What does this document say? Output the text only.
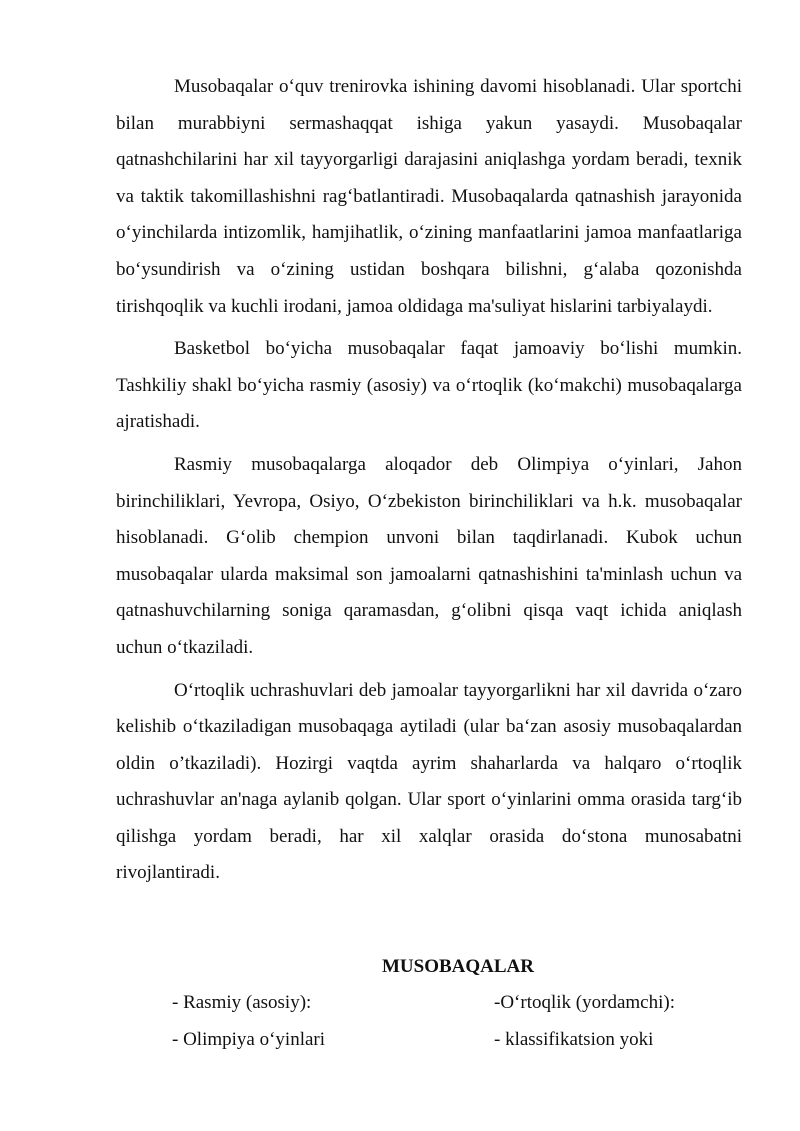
Musobaqalar o‘quv trenirovka ishining davomi hisoblanadi. Ular sportchi bilan murabbiyni sermashaqqat ishiga yakun yasaydi. Musobaqalar qatnashchilarini har xil tayyorgarligi darajasini aniqlashga yordam beradi, texnik va taktik takomillashishni rag‘batlantiradi. Musobaqalarda qatnashish jarayonida o‘yinchilarda intizomlik, hamjihatlik, o‘zining manfaatlarini jamoa manfaatlariga bo‘ysundirish va o‘zining ustidan boshqara bilishni, g‘alaba qozonishda tirishqoqlik va kuchli irodani, jamoa oldidaga ma'suliyat hislarini tarbiyalaydi.

Basketbol bo‘yicha musobaqalar faqat jamoaviy bo‘lishi mumkin. Tashkiliy shakl bo‘yicha rasmiy (asosiy) va o‘rtoqlik (ko‘makchi) musobaqalarga ajratishadi.

Rasmiy musobaqalarga aloqador deb Olimpiya o‘yinlari, Jahon birinchiliklari, Yevropa, Osiyo, O‘zbekiston birinchiliklari va h.k. musobaqalar hisoblanadi. G‘olib chempion unvoni bilan taqdirlanadi. Kubok uchun musobaqalar ularda maksimal son jamoalarni qatnashishini ta'minlash uchun va qatnashuvchilarning soniga qaramasdan, g‘olibni qisqa vaqt ichida aniqlash uchun o‘tkaziladi.

O‘rtoqlik uchrashuvlari deb jamoalar tayyorgarlikni har xil davrida o‘zaro kelishib o‘tkaziladigan musobaqaga aytiladi (ular ba‘zan asosiy musobaqalardan oldin o’tkaziladi). Hozirgi vaqtda ayrim shaharlarda va halqaro o‘rtoqlik uchrashuvlar an'naga aylanib qolgan. Ular sport o‘yinlarini omma orasida targ‘ib qilishga yordam beradi, har xil xalqlar orasida do‘stona munosabatni rivojlantiradi.

MUSOBAQALAR
- Rasmiy (asosiy):	-O‘rtoqlik (yordamchi):
- Olimpiya o‘yinlari	- klassifikatsion yoki
